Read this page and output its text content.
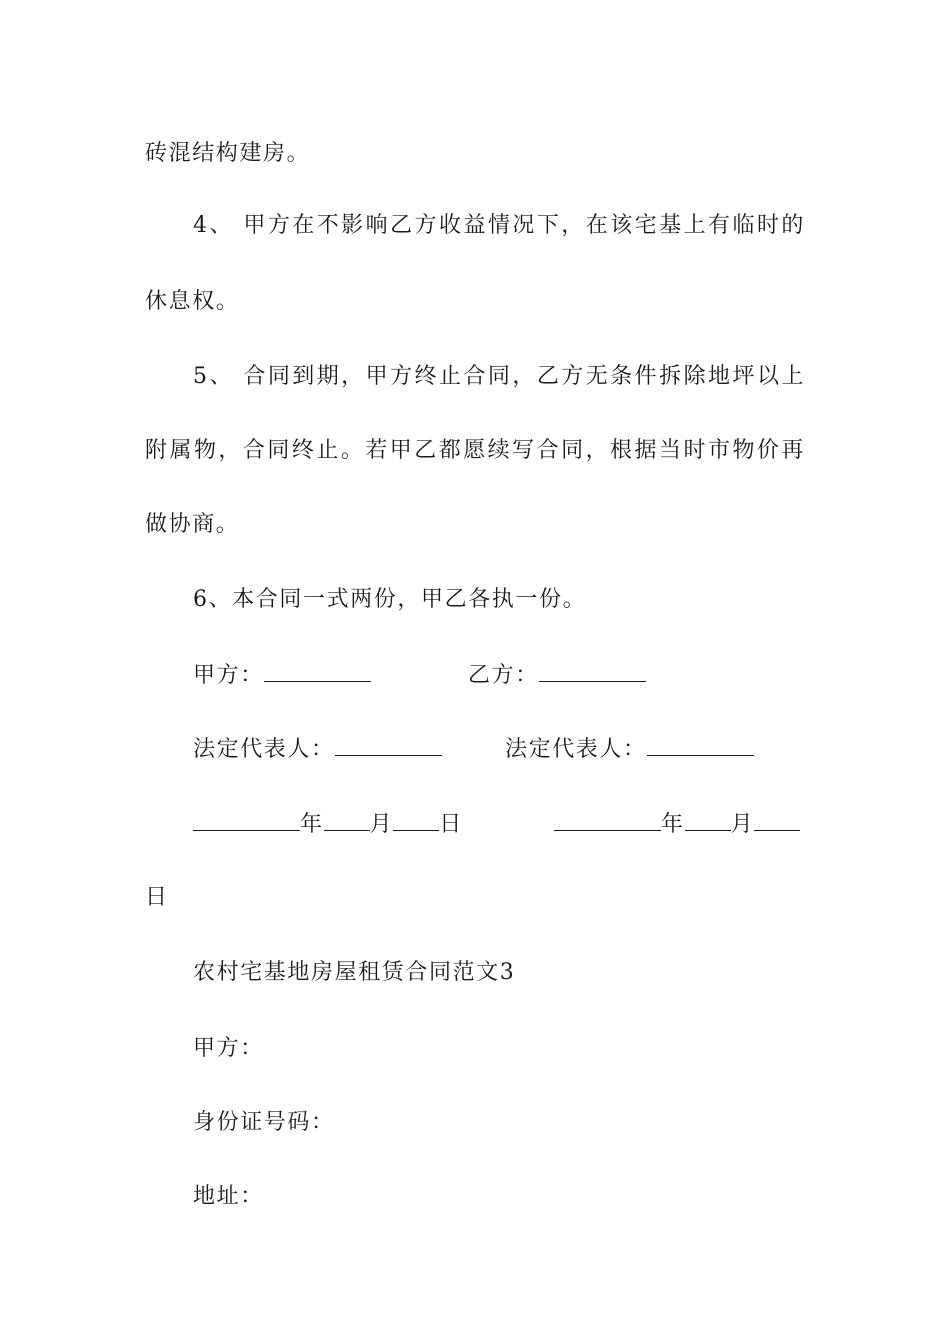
砖混结构建房。
4、 甲方在不影响乙方收益情况下，在该宅基上有临时的
休息权。
5、 合同到期，甲方终止合同，乙方无条件拆除地坪以上
附属物，合同终止。若甲乙都愿续写合同，根据当时市物价再
做协商。
6、本合同一式两份，甲乙各执一份。
甲方：	乙方：
法定代表人：	法定代表人：
年 月 日	年 月
日
农村宅基地房屋租赁合同范文3
甲方：
身份证号码：
地址：
